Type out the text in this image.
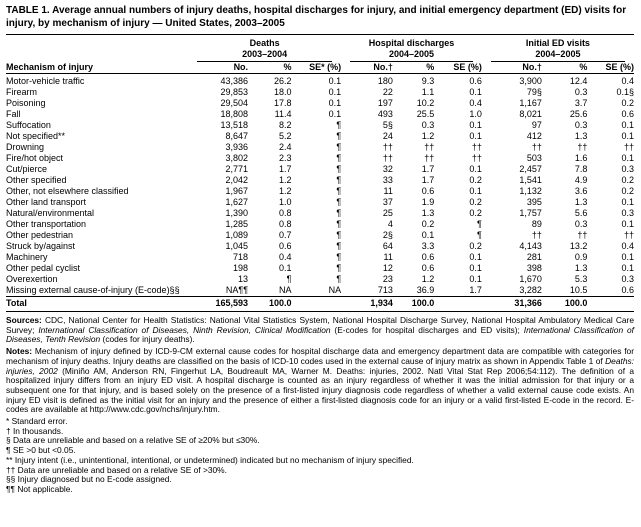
TABLE 1. Average annual numbers of injury deaths, hospital discharges for injury, and initial emergency department (ED) visits for injury, by mechanism of injury — United States, 2003–2005

Deaths
2003–2004

Hospital discharges
2004–2005

Initial ED visits
2004–2005

Mechanism of injury	No.	%	SE* (%)	No.†	%	SE (%)	No.†	%	SE (%)
Motor-vehicle traffic	43,386	26.2	0.1	180	9.3	0.6	3,900	12.4	0.4
Firearm	29,853	18.0	0.1	22	1.1	0.1	79§	0.3	0.1§
Poisoning	29,504	17.8	0.1	197	10.2	0.4	1,167	3.7	0.2
Fall	18,808	11.4	0.1	493	25.5	1.0	8,021	25.6	0.6
Suffocation	13,518	8.2	¶	5§	0.3	0.1	97	0.3	0.1
Not specified**	8,647	5.2	¶	24	1.2	0.1	412	1.3	0.1
Drowning	3,936	2.4	¶	††	††	††	††	††	††
Fire/hot object	3,802	2.3	¶	††	††	††	503	1.6	0.1
Cut/pierce	2,771	1.7	¶	32	1.7	0.1	2,457	7.8	0.3
Other specified	2,042	1.2	¶	33	1.7	0.2	1,541	4.9	0.2
Other, not elsewhere classified	1,967	1.2	¶	11	0.6	0.1	1,132	3.6	0.2
Other land transport	1,627	1.0	¶	37	1.9	0.2	395	1.3	0.1
Natural/environmental	1,390	0.8	¶	25	1.3	0.2	1,757	5.6	0.3
Other transportation	1,285	0.8	¶	4	0.2	¶	89	0.3	0.1
Other pedestrian	1,089	0.7	¶	2§	0.1	¶	††	††	††
Struck by/against	1,045	0.6	¶	64	3.3	0.2	4,143	13.2	0.4
Machinery	718	0.4	¶	11	0.6	0.1	281	0.9	0.1
Other pedal cyclist	198	0.1	¶	12	0.6	0.1	398	1.3	0.1
Overexertion	13	¶	¶	23	1.2	0.1	1,670	5.3	0.3
Missing external cause-of-injury (E-code)§§	NA¶¶	NA	NA	713	36.9	1.7	3,282	10.5	0.6
Total	165,593	100.0		1,934	100.0		31,366	100.0	

Sources: CDC, National Center for Health Statistics: National Vital Statistics System, National Hospital Discharge Survey, National Hospital Ambulatory Medical Care Survey; International Classification of Diseases, Ninth Revision, Clinical Modification (E-codes for hospital discharges and ED visits); International Classification of Diseases, Tenth Revision (codes for injury deaths).

Notes: Mechanism of injury defined by ICD-9-CM external cause codes for hospital discharge data and emergency department data are compatible with categories for mechanism of injury deaths. Injury deaths are classified on the basis of ICD-10 codes used in the external cause of injury matrix as shown in Appendix Table 1 of Deaths: injuries, 2002 (Miniño AM, Anderson RN, Fingerhut LA, Boudreault MA, Warner M. Deaths: injuries, 2002. Natl Vital Stat Rep 2006;54:112). The definition of a hospitalized injury differs from an injury ED visit. A hospital discharge is counted as an injury regardless of whether it was the initial admission for that injury or a subsequent one for that injury, and is based solely on the presence of a first-listed injury diagnosis code regardless of whether a valid external cause code exists. An injury ED visit is defined as the initial visit for an injury and the presence of either a first-listed diagnosis code for an injury or a valid first-listed E-code in the record. E-codes are available at http://www.cdc.gov/nchs/injury.htm.

* Standard error.
† In thousands.
§ Data are unreliable and based on a relative SE of ≥20% but ≤30%.
¶ SE >0 but <0.05.
** Injury intent (i.e., unintentional, intentional, or undetermined) indicated but no mechanism of injury specified.
†† Data are unreliable and based on a relative SE of >30%.
§§ Injury diagnosed but no E-code assigned.
¶¶ Not applicable.
